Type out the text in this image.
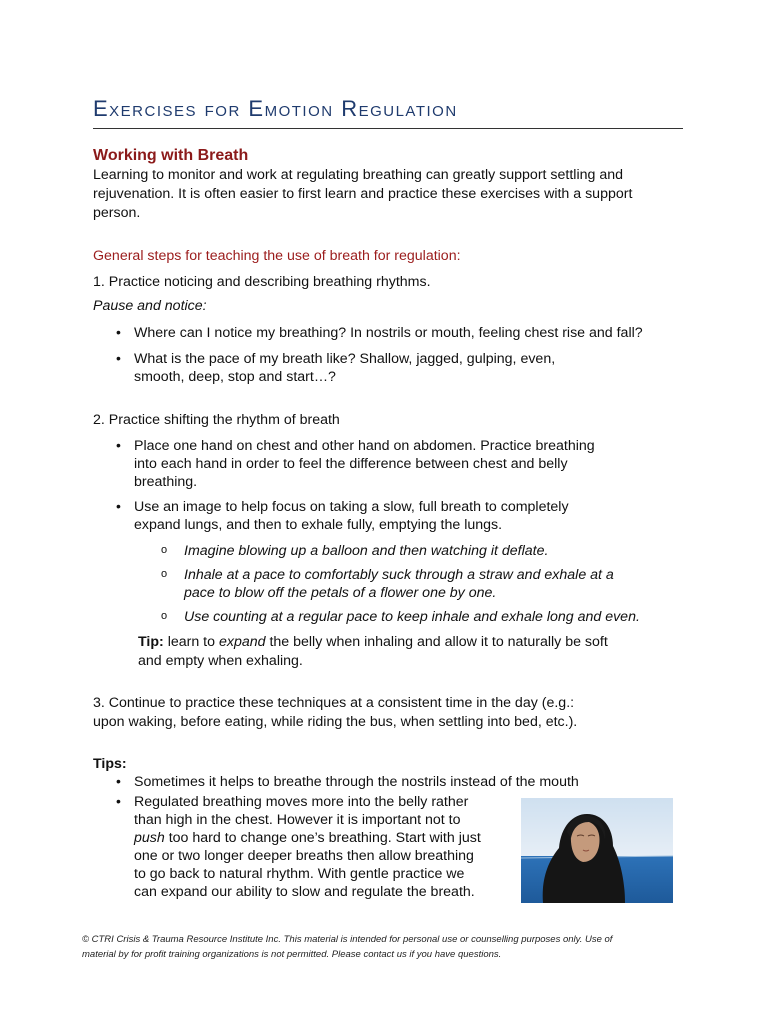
Exercises for Emotion Regulation
Working with Breath
Learning to monitor and work at regulating breathing can greatly support settling and
rejuvenation. It is often easier to first learn and practice these exercises with a support
person.
General steps for teaching the use of breath for regulation:
1. Practice noticing and describing breathing rhythms.
Pause and notice:
• Where can I notice my breathing? In nostrils or mouth, feeling chest rise and fall?
• What is the pace of my breath like? Shallow, jagged, gulping, even,
smooth, deep, stop and start…?
2. Practice shifting the rhythm of breath
• Place one hand on chest and other hand on abdomen. Practice breathing
into each hand in order to feel the difference between chest and belly
breathing.
• Use an image to help focus on taking a slow, full breath to completely
expand lungs, and then to exhale fully, emptying the lungs.
o Imagine blowing up a balloon and then watching it deflate.
o Inhale at a pace to comfortably suck through a straw and exhale at a
pace to blow off the petals of a flower one by one.
o Use counting at a regular pace to keep inhale and exhale long and even.
Tip: learn to expand the belly when inhaling and allow it to naturally be soft
and empty when exhaling.
3. Continue to practice these techniques at a consistent time in the day (e.g.:
upon waking, before eating, while riding the bus, when settling into bed, etc.).
Tips:
• Sometimes it helps to breathe through the nostrils instead of the mouth
• Regulated breathing moves more into the belly rather
than high in the chest. However it is important not to
push too hard to change one’s breathing. Start with just
one or two longer deeper breaths then allow breathing
to go back to natural rhythm. With gentle practice we
can expand our ability to slow and regulate the breath.
© CTRI Crisis & Trauma Resource Institute Inc. This material is intended for personal use or counselling purposes only. Use of
material by for profit training organizations is not permitted. Please contact us if you have questions.
